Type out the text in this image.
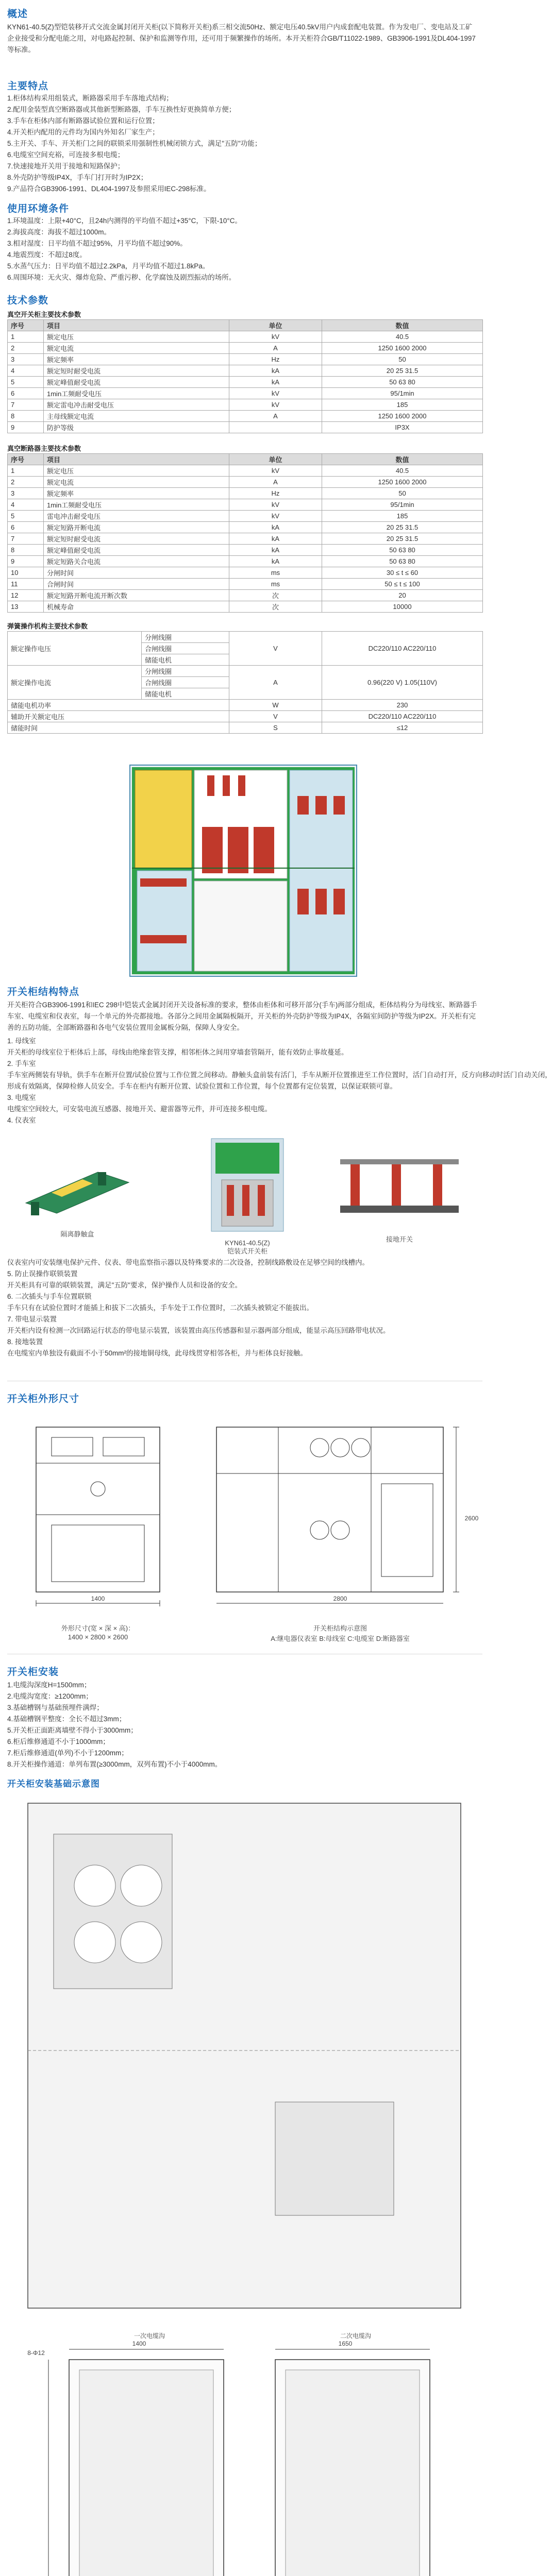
概述
KYN61-40.5(Z)型铠装移开式交流金属封闭开关柜(以下简称开关柜)系三相交流50Hz、额定电压40.5kV用户内成套配电装置。作为发电厂、变电站及工矿企业接受和分配电能之用，对电路起控制、保护和监测等作用，还可用于频繁操作的场所。本开关柜符合GB/T11022-1989、GB3906-1991及DL404-1997等标准。
主要特点
1.柜体结构采用组装式，断路器采用手车落地式结构；
2.配用金装型真空断路器或其他新型断路器，手车互换性好更换简单方便；
3.手车在柜体内部有断路器试验位置和运行位置；
4.开关柜内配用的元件均为国内外知名厂家生产；
5.主开关、手车、开关柜门之间的联锁采用强制性机械闭锁方式，满足"五防"功能；
6.电缆室空间充裕，可连接多根电缆；
7.快速接地开关用于接地和短路保护；
8.外壳防护等级IP4X，手车门打开时为IP2X；
9.产品符合GB3906-1991、DL404-1997及参照采用IEC-298标准。
使用环境条件
1.环境温度：上限+40°C，且24h内测得的平均值不超过+35°C，下限-10°C。
2.海拔高度：海拔不超过1000m。
3.相对湿度：日平均值不超过95%，月平均值不超过90%。
4.地震烈度：不超过8度。
5.水蒸气压力：日平均值不超过2.2kPa，月平均值不超过1.8kPa。
6.周围环境：无火灾、爆炸危险、严重污秽、化学腐蚀及剧烈振动的场所。
技术参数
真空开关柜主要技术参数
序号	项目	单位	数值
1	额定电压	kV	40.5
2	额定电流	A	1250 1600 2000
3	额定频率	Hz	50
4	额定短时耐受电流	kA	20 25 31.5
5	额定峰值耐受电流	kA	50 63 80
6	1min工频耐受电压	kV	95/1min
7	额定雷电冲击耐受电压	kV	185
8	主母线额定电流	A	1250 1600 2000
9	防护等级		IP3X
真空断路器主要技术参数
序号	项目	单位	数值
1	额定电压	kV	40.5
2	额定电流	A	1250 1600 2000
3	额定频率	Hz	50
4	1min工频耐受电压	kV	95/1min
5	雷电冲击耐受电压	kV	185
6	额定短路开断电流	kA	20 25 31.5
7	额定短时耐受电流	kA	20 25 31.5
8	额定峰值耐受电流	kA	50 63 80
9	额定短路关合电流	kA	50 63 80
10	分闸时间	ms	30 ≤ t ≤ 60
11	合闸时间	ms	50 ≤ t ≤ 100
12	额定短路开断电流开断次数	次	20
13	机械寿命	次	10000
弹簧操作机构主要技术参数
额定操作电压	分闸线圈	V	DC220/110 AC220/110
	合闸线圈		
	储能电机		
额定操作电流	分闸线圈	A	0.96(220 V) 1.05(110V)
	合闸线圈		
	储能电机		
储能电机功率		W	230
辅助开关额定电压		V	DC220/110 AC220/110
储能时间		S	≤12
开关柜结构特点
开关柜符合GB3906-1991和IEC 298中铠装式金属封闭开关设备标准的要求，整体由柜体和可移开部分(手车)两部分组成，柜体结构分为母线室、断路器手车室、电缆室和仪表室，每一个单元的外壳都接地。各部分之间用金属隔板隔开，开关柜的外壳防护等级为IP4X，各隔室间防护等级为IP2X。开关柜有完善的五防功能，全部断路器和各电气安装位置用金属板分隔，保障人身安全。
1. 母线室
开关柜的母线室位于柜体后上部，母线由绝缘套管支撑，相邻柜体之间用穿墙套管隔开，能有效防止事故蔓延。
2. 手车室
手车室两侧装有导轨，供手车在断开位置/试验位置与工作位置之间移动。静触头盒前装有活门，手车从断开位置推进至工作位置时，活门自动打开，反方向移动时活门自动关闭，
形成有效隔离，保障检修人员安全。手车在柜内有断开位置、试验位置和工作位置，每个位置都有定位装置，以保证联锁可靠。
3. 电缆室
电缆室空间较大，可安装电流互感器、接地开关、避雷器等元件，并可连接多根电缆。
4. 仪表室
隔离静触盒
KYN61-40.5(Z)
铠装式开关柜
接地开关
仪表室内可安装继电保护元件、仪表、带电监察指示器以及特殊要求的二次设备，控制线路敷设在足够空间的线槽内。
5. 防止误操作联锁装置
开关柜具有可靠的联锁装置，满足"五防"要求，保护操作人员和设备的安全。
6. 二次插头与手车位置联锁
手车只有在试验位置时才能插上和拔下二次插头，手车处于工作位置时，二次插头被锁定不能拔出。
7. 带电显示装置
开关柜内设有检测一次回路运行状态的带电显示装置，该装置由高压传感器和显示器两部分组成，能显示高压回路带电状况。
8. 接地装置
在电缆室内单独设有截面不小于50mm²的接地铜母线，此母线贯穿相邻各柜，并与柜体良好接触。
开关柜外形尺寸
1400	2800
2600
外形尺寸(宽 × 深 × 高)：
1400 × 2800 × 2600
开关柜结构示意图
A:继电器仪表室 B:母线室 C:电缆室 D:断路器室
开关柜安装
1.电缆沟深度H=1500mm；
2.电缆沟宽度：≥1200mm；
3.基础槽钢与基础预埋件满焊；
4.基础槽钢平整度：全长不超过3mm；
5.开关柜正面距离墙壁不得小于3000mm；
6.柜后维修通道不小于1000mm；
7.柜后维修通道(单列)不小于1200mm；
8.开关柜操作通道：单列布置(≥3000mm，双列布置)不小于4000mm。
开关柜安装基础示意图
一次电缆沟	二次电缆沟
1400	1650
8-Φ12
